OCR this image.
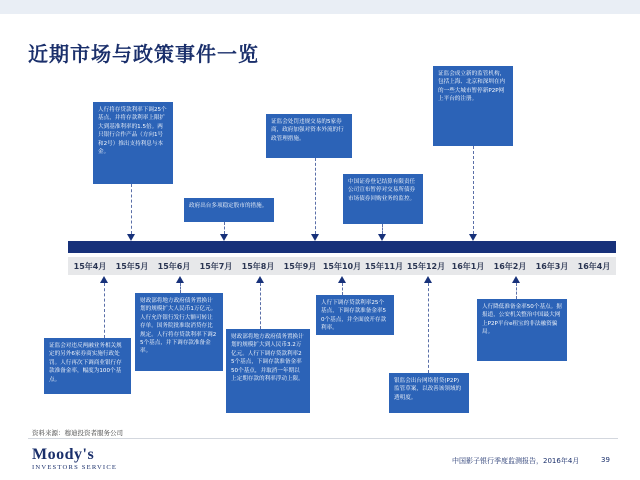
近期市场与政策事件一览
15年4月	15年5月	15年6月	15年7月	15年8月	15年9月 15年10月 15年11月 15年12月 16年1月	16年2月	16年3月	16年4月
人行将存贷款利率下调25个基点，并将存款利率上限扩大到基准利率的1.5倍。两只银行合作产品（方向1号和2号）推出支持利息与本金。
政府出台多项稳定股市的措施。
证监会处罚违规交易的5家券商，政府加强对资本外流的行政管理措施。
中国证券登记结算有限责任公司宣布暂停对交易所债券市场债券回购业务的监控。
证监会成立新的监管机构，包括上海、北京和深圳在内的一些大城市暂停新P2P网上平台的注册。
证监会对违反两融业务相关规定的另外6家券商实施行政处罚。人行再次下调商业银行存款准备金率，幅度为100个基点。
财政部将地方政府债务置换计划的规模扩大人民币1万亿元。人行允许银行发行大额可转让存单。国务院批准取消贷存比规定。人行将存贷款利率下调25个基点，并下调存款准备金率。
财政部将地方政府债务置换计划的规模扩大到人民币3.2万亿元。人行下调存贷款利率25个基点，下调存款准备金率50个基点，并取消一年期以上定期存款的利率浮动上限。
人行下调存贷款利率25个基点，下调存款准备金率50个基点，并全面放开存款利率。
银监会出台网络借贷(P2P)监管草案，以改善该领域的透明度。
人行降低准备金率50个基点。据报道，公安机关整治中国最大网上P2P平台e租宝的非法融资骗局。
资料来源：穆迪投资者服务公司
Moody's
INVESTORS SERVICE
中国影子银行季度监测报告，2016年4月	39
